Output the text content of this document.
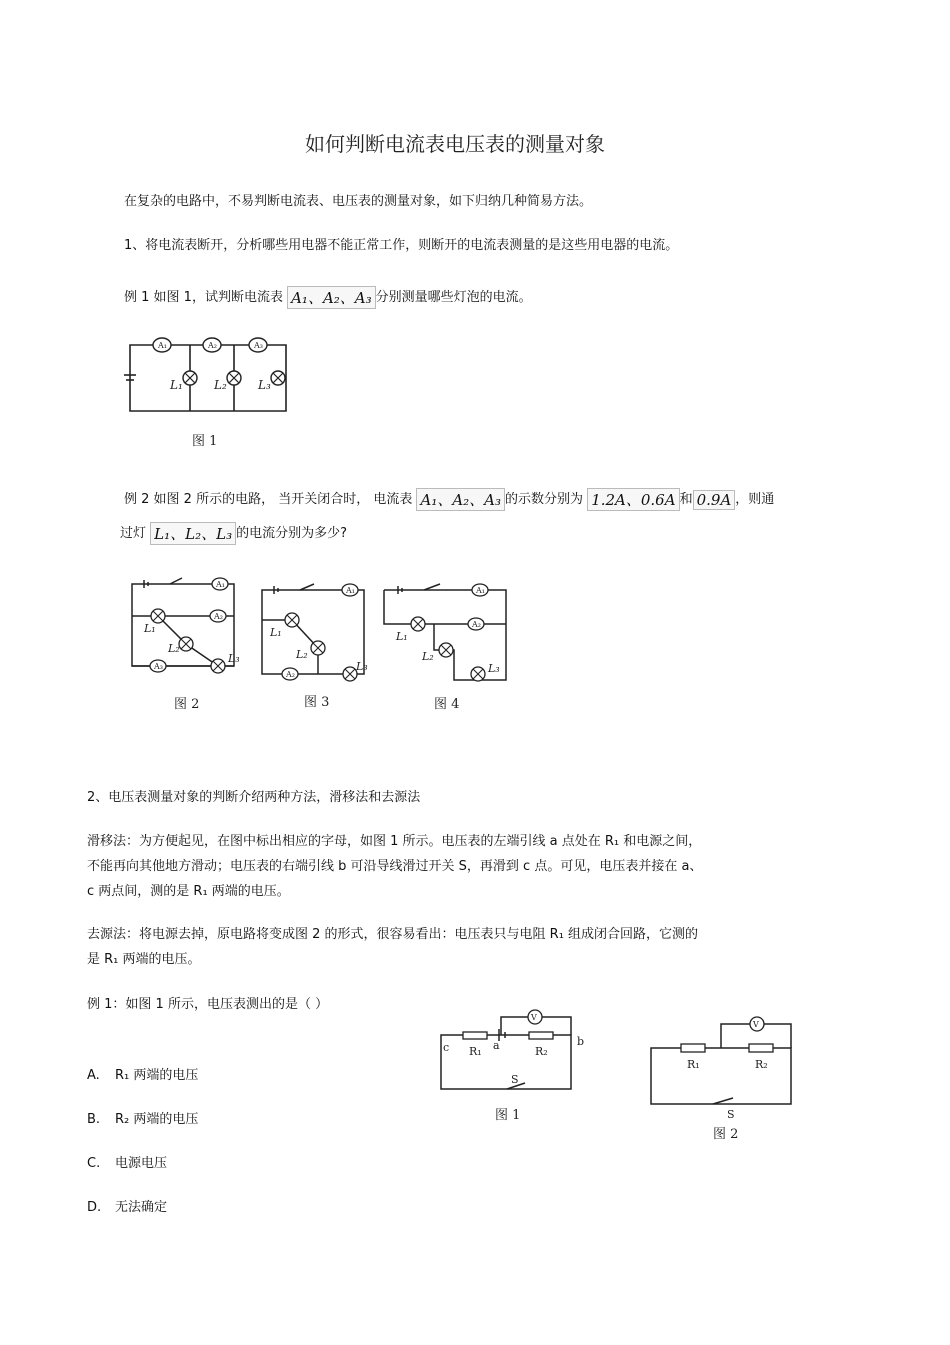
如何判断电流表电压表的测量对象
在复杂的电路中，不易判断电流表、电压表的测量对象，如下归纳几种简易方法。
1、将电流表断开，分析哪些用电器不能正常工作，则断开的电流表测量的是这些用电器的电流。
例 1 如图 1，试判断电流表 A₁、A₂、A₃ 分别测量哪些灯泡的电流。
A₁	A₂	A₃
L₁	L₂	L₃
图 1
例 2 如图 2 所示的电路， 当开关闭合时， 电流表 A₁、A₂、A₃ 的示数分别为 1.2A、0.6A 和 0.9A ，则通
过灯 L₁、L₂、L₃ 的电流分别为多少?
A₁
A₂
A₃
L₁
L₂
L₃
图 2
A₁
A₂
L₁
L₂
L₃
图 3
A₁
A₂
L₁
L₂
L₃
图 4
2、电压表测量对象的判断介绍两种方法，滑移法和去源法
滑移法：为方便起见，在图中标出相应的字母，如图 1 所示。电压表的左端引线 a 点处在 R₁ 和电源之间，
不能再向其他地方滑动；电压表的右端引线 b 可沿导线滑过开关 S，再滑到 c 点。可见，电压表并接在 a、
c 两点间，测的是 R₁ 两端的电压。
去源法：将电源去掉，原电路将变成图 2 的形式，很容易看出：电压表只与电阻 R₁ 组成闭合回路，它测的
是 R₁ 两端的电压。
例 1：如图 1 所示，电压表测出的是（ ）
A. R₁ 两端的电压
B. R₂ 两端的电压
C. 电源电压
D. 无法确定
V
c	a	b
R₁	R₂
S
图 1
V
R₁	R₂
S
图 2
